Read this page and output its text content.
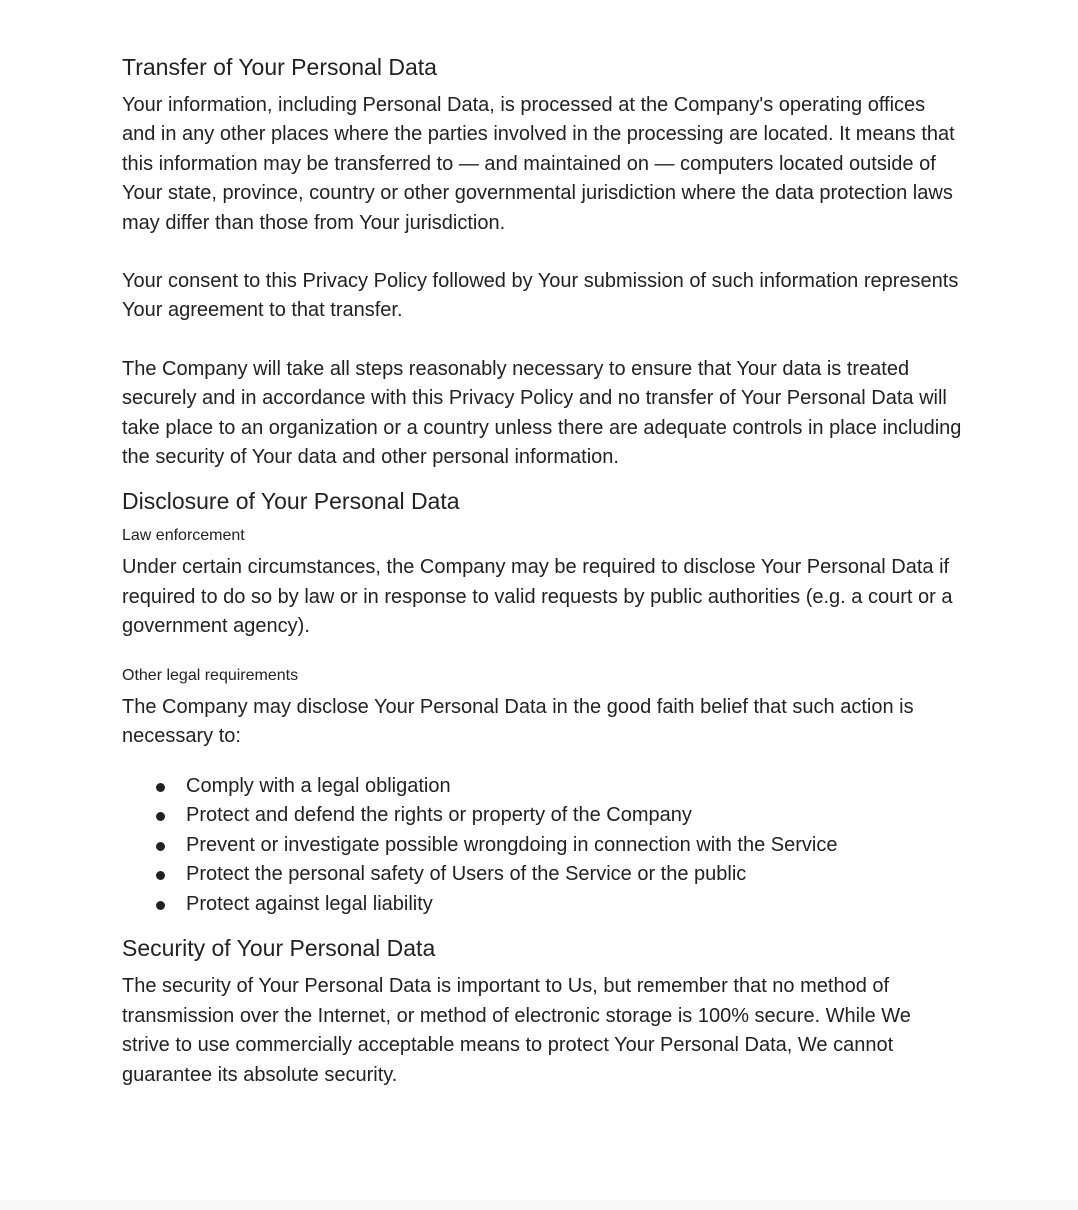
Transfer of Your Personal Data

Your information, including Personal Data, is processed at the Company's operating offices and in any other places where the parties involved in the processing are located. It means that this information may be transferred to — and maintained on — computers located outside of Your state, province, country or other governmental jurisdiction where the data protection laws may differ than those from Your jurisdiction.

Your consent to this Privacy Policy followed by Your submission of such information represents Your agreement to that transfer.

The Company will take all steps reasonably necessary to ensure that Your data is treated securely and in accordance with this Privacy Policy and no transfer of Your Personal Data will take place to an organization or a country unless there are adequate controls in place including the security of Your data and other personal information.

Disclosure of Your Personal Data
Law enforcement

Under certain circumstances, the Company may be required to disclose Your Personal Data if required to do so by law or in response to valid requests by public authorities (e.g. a court or a government agency).

Other legal requirements

The Company may disclose Your Personal Data in the good faith belief that such action is necessary to:

Comply with a legal obligation
Protect and defend the rights or property of the Company
Prevent or investigate possible wrongdoing in connection with the Service
Protect the personal safety of Users of the Service or the public
Protect against legal liability
Security of Your Personal Data

The security of Your Personal Data is important to Us, but remember that no method of transmission over the Internet, or method of electronic storage is 100% secure. While We strive to use commercially acceptable means to protect Your Personal Data, We cannot guarantee its absolute security.
